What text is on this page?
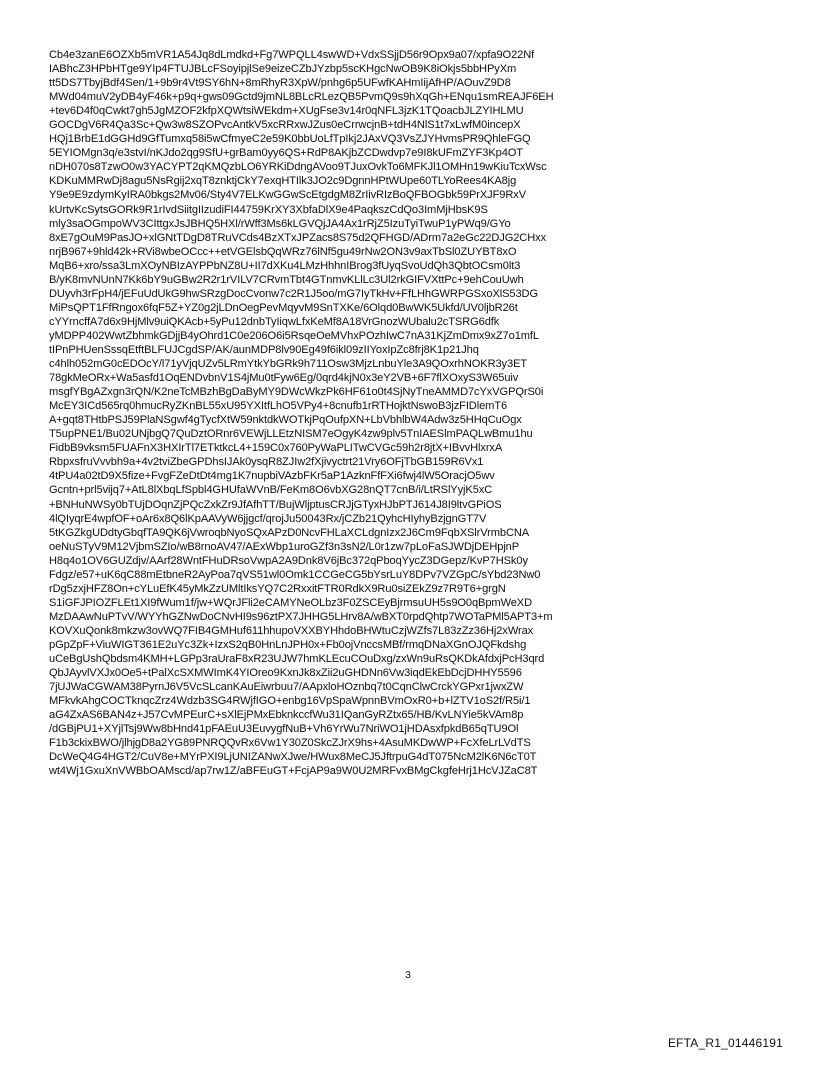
Cb4e3zanE6OZXb5mVR1A54Jq8dLmdkd+Fg7WPQLL4swWD+VdxSSjjD56r9Opx9a07/xpfa9O22Nf
IABhcZ3HPbHTge9YIp4FTUJBLcFSoyipjlSe9eizeCZbJYzbp5scKHgcNwOB9K8iOkjs5bbHPyXm
tt5DS7TbyjBdf4Sen/1+9b9r4Vt9SY6hN+8mRhyR3XpW/pnhg6p5UFwfKAHmIijAfHP/AOuvZ9D8
MWd04muV2yDB4yF46k+p9q+gws09Gctd9jmNL8BLcRLezQB5PvmQ9s9hXqGh+ENqu1smREAJF6EH
+tev6D4f0qCwkt7gh5JgMZOF2kfpXQWtsiWEkdm+XUgFse3v14r0qNFL3jzK1TQoacbJLZYIHLMU
GOCDgV6R4Qa3Sc+Qw3w8SZOPvcAntkV5xcRRxwJZus0eCrrwcjnB+tdH4NlS1t7xLwfM0incepX
HQj1BrbE1dGGHd9GfTumxq58i5wCfmyeC2e59K0bbUoLfTpIkj2JAxVQ3VsZJYHvmsPR9QhleFGQ
5EYIOMgn3q/e3stvI/nKJdo2qg9SfU+grBam0yy6QS+RdP8AKjbZCDwdvp7e9I8kUFmZYF3Kp4OT
nDH070s8TzwO0w3YACYPT2qKMQzbLO6YRKiDdngAVoo9TJuxOvkTo6MFKJl1OMHn19wKiuTcxWsc
KDKuMMRwDj8agu5NsRgij2xqT8znktjCkY7exqHTIlk3JO2c9DgnnHPtWUpe60TLYoRees4KA8jg
Y9e9E9zdymKyIRA0bkgs2Mv06/Sty4V7ELKwGGwScEtgdgM8ZrIivRIzBoQFBOGbk59PrXJF9RxV
kUrtvKcSytsGORk9R1rIvdSiitgIIzudiFI44759KrXY3XbfaDlX9e4PaqkszCdQo3ImMjHbsK9S
mly3saOGmpoWV3CIttgxJsJBHQ5HXl/rWff3Ms6kLGVQjJA4Ax1rRjZ5IzuTyiTwuP1yPWq9/GYo
8xE7gOuM9PasJO+xlGNtTDgD8TRuVCds4BzXTxJPZacs8S75d2QFHGD/ADrm7a2eGc22DJG2CHxx
nrjB967+9hld42k+RVi8wbeOCcc++etVGElsbQqWRz76lNf5gu49rNw2ON3v9axTbSl0ZUYBT8xO
MqB6+xro/ssa3LmXOyNBIzAYPPbNZ8U+II7dXKu4LMzHhhnIBrog3fUyqSvoUdQh3QbtOCsm0lt3
B/yK8mvNUnN7Kk6bY9uGBw2R2r1rVILV7CRvmTbt4GTnmvKLlLc3Ul2rkGIFVXttPc+9ehCouUwh
DUyvh3rFpH4/jEFuUdUkG9hwSRzgDocCvonw7c2R1J5oo/mG7IyTkHv+FfLHhGWRPGSxoXlS53DG
MiPsQPT1FfRngox6fqF5Z+YZ0g2jLDnOegPevMqyvM9SnTXKe/6Olqd0BwWK5Ukfd/UV0ljbR26t
cYYrncffA7d6x9HjMlv9uiQKAcb+5yPu12dnbTyIiqwLfxKeMf8A18VrGnozWUbalu2cTSRG6dfk
yMDPP402WwtZbhmkGDjjB4yOhrd1C0e206O6i5RsqeOeMVhxPOzhIwC7nA31KjZmDmx9xZ7o1mfL
tIPnPHUenSssqEtftBLFUJCgdSP/AK/aunMDP8lv90Eg49f6ikl09zIIYoxIpZc8frj8K1p21Jhq
c4hlh052mG0cEDOcY/l71yVjqUZv5LRmYtkYbGRk9h711Osw3MjzLnbuYle3A9QOxrhNOKR3y3ET
78gkMeORx+Wa5asfd1OqENDvbnV1S4jMu0tFyw6Eg/0qrd4kjN0x3eY2VB+6F7flXOxyS3W65uiv
msgfYBgAZxgn3rQN/K2neTcMBzhBgDaByMY9DWcWkzPk6HF61o0t4SjNyTneAMMD7cYxVGPQrS0i
McEY3ICd565rq0hmucRyZKnBL55xU95YXItfLhO5VPy4+8cnufb1rRTHojktNswoB3jzFIDlemT6
A+gqt8THtbPSJ59PlaNSgwf4gTycfXtW59nktdkWOTkjPqOufpXN+LbVbhlbW4Adw3z5HHqCuOgx
T5upPNE1/Bu02UNjbgQ7QuDztORnr6VEWjLLEtzNISM7eOgyK4zw9plv5TnIAESlmPAQLwBmu1hu
FidbB9vksm5FUAFnX3HXIrTl7ETktkcL4+159C0x760PyWaPLITwCVGc59h2r8jtX+IBvvHlxrxA
RbpxsfruVvvbh9a+4v2tviZbeGPDhsIJAk0ysqR8ZJIw2fXjivyctrt21Vry6OFjTbGB159R6Vx1
4tPU4a02tD9X5fize+FvgFZeDtDt4mg1K7nupbiVAzbFKr5aP1AzknFfFXi6fwj4lW5OracjO5wv
Gcntn+prl5vijq7+AtL8lXbqLfSpbl4GHUfaWVnB/FeKm8O6vbXG28nQT7cnB/i/LtRSlYyjK5xC
+BNHuNWSy0bTUjDOqnZjPQcZxkZr9JfAfhTT/BujWljptusCRJjGTyxHJbPTJ614J8I9ltvGPiOS
4lQIyqrE4wpfOF+oAr6x8Q6lKpAAVyW6jjgcf/qrojJu50043Rx/jCZb21QyhcHIyhyBzjgnGT7V
5tKGZkgUDdtyGbqfTA9QK6jVwroqbNyoSQxAPzD0NcvFHLaXCLdgnIzx2J6Cm9FqbXSlrVrmbCNA
oeNuSTyV9M12VjbmSZIo/wB8rnoAV47/AExWbp1uroGZf3n3sN2/L0r1zw7pLoFaSJWDjDEHpjnP
H8q4o1OV6GUZdjv/AArf28WntFHuDRsoVwpA2A9Dnk8V6jBc372qPboqYycZ3DGepz/KvP7HSk0y
Fdgz/e57+uK6qC88mEtbneR2AyPoa7qVS51wl0Omk1CCGeCG5bYsrLuY8DPv7VZGpC/sYbd23Nw0
rDg5zxjHFZ8On+cYLuEfK45yMkZzUMltIksYQ7C2RxxitFTR0RdkX9Ru0siZEkZ9z7R9T6+grgN
S1iGFJPIOZFLEt1XI9fWum1f/jw+WQrJFli2eCAMYNeOLbz3F0ZSCEyBjrmsuUH5s9O0qBpmWeXD
MzDAAwNuPTvV/WYYhGZNwDoCNvHI9s96ztPX7JHHG5LHrv8A/wBXT0rpdQhtp7WOTaPMl5APT3+m
KOVXuQonk8mkzw3ovWQ7FIB4GMHuf611hhupoVXXBYHhdoBHWtuCzjWZfs7L83zZz36Hj2xWrax
pGpZpF+ViuWIGT361E2uYc3Zk+IzxS2qB0HnLnJPH0x+Fb0ojVnccsMBf/rmqDNaXGnOJQFkdshg
uCeBgUshQbdsm4KMH+LGPp3raUraF8xR23UJW7hmKLEcuCOuDxg/zxWn9uRsQKDkAfdxjPcH3qrd
QbJAyvlVXJx0Oe5+tPalXcSXMWImK4YIOreo9KxnJk8xZii2uGHDNn6Vw3iqdEkEbDcjDHHY5596
7jUJWaCGWAM38PyrnJ6V5VcSLcanKAuEiwrbuu7/AApxloHOznbq7t0CqnClwCrckYGPxr1jwxZW
MFkvkAhgCOCTknqcZrz4Wdzb3SG4RWjfIGO+enbg16VpSpaWpnnBVmOxR0+b+lZTV1oS2f/R5i/1
aG4ZxAS6BAN4z+J57CvMPEurC+sXlEjPMxEbknkccfWu31IQanGyRZtx65/HB/KvLNYie5kVAm8p
/dGBjPU1+XYjlTsj9Ww8bHnd41pFAEuU3EuvygfNuB+Vh6YrWu7NriWO1jHDAsxfpkdB65qTU9Ol
F1b3ckixBWO/jlhjgD8a2YG89PNRQQvRx6Vw1Y30Z0SkcZJrX9hs+4AsuMKDwWP+FcXfeLrLVdTS
DcWeQ4G4HGT2/CuV8e+MYrPXI9LjUNIZANwXJwe/HWux8MeCJ5JftrpuG4dT075NcM2lK6N6cT0T
wt4Wj1GxuXnVWBbOAMscd/ap7rw1Z/aBFEuGT+FcjAP9a9W0U2MRFvxBMgCkgfeHrj1HcVJZaC8T
3
EFTA_R1_01446191
